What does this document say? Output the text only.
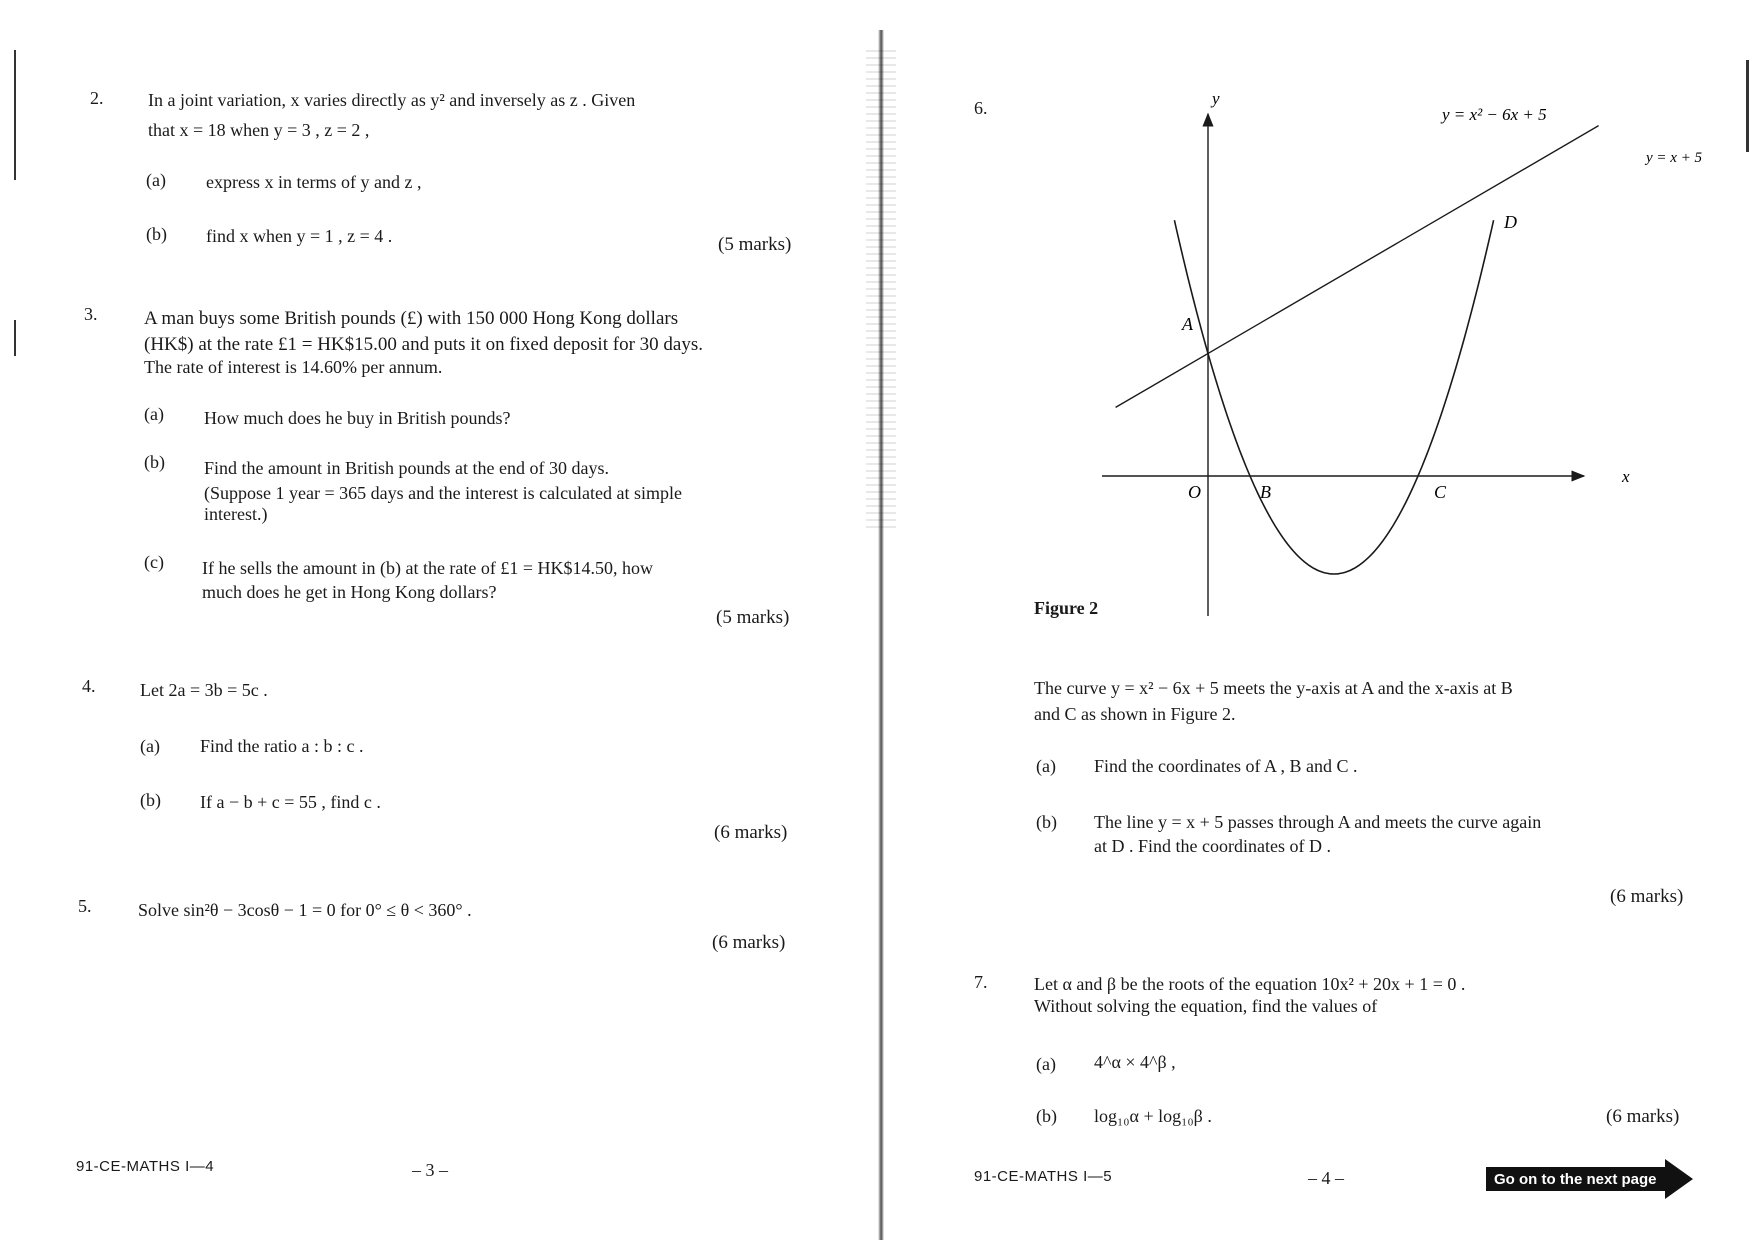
2. In a joint variation, x varies directly as y² and inversely as z . Given
that x = 18 when y = 3 , z = 2 ,
(a) express x in terms of y and z ,
(b) find x when y = 1 , z = 4 .	(5 marks)
3. A man buys some British pounds (£) with 150 000 Hong Kong dollars
(HK$) at the rate £1 = HK$15.00 and puts it on fixed deposit for 30 days.
The rate of interest is 14.60% per annum.
(a) How much does he buy in British pounds?
(b) Find the amount in British pounds at the end of 30 days.
(Suppose 1 year = 365 days and the interest is calculated at simple
interest.)
(c) If he sells the amount in (b) at the rate of £1 = HK$14.50, how
much does he get in Hong Kong dollars?
(5 marks)
4. Let 2a = 3b = 5c .
(a) Find the ratio a : b : c .
(b) If a − b + c = 55 , find c .
(6 marks)
5.	Solve sin²θ − 3cosθ − 1 = 0 for 0° ≤ θ < 360° .
(6 marks)
91-CE-MATHS I—4	– 3 –
6.	y
x
O
A
B	C
D
y = x² − 6x + 5
y = x + 5
Figure 2
The curve y = x² − 6x + 5 meets the y-axis at A and the x-axis at B
and C as shown in Figure 2.
(a) Find the coordinates of A , B and C .
(b) The line y = x + 5 passes through A and meets the curve again
at D . Find the coordinates of D .
(6 marks)
7.	Let α and β be the roots of the equation 10x² + 20x + 1 = 0 .
Without solving the equation, find the values of
(a) 4^α × 4^β ,
(b) log₁₀α + log₁₀β .	(6 marks)
91-CE-MATHS I—5	– 4 –	Go on to the next page
